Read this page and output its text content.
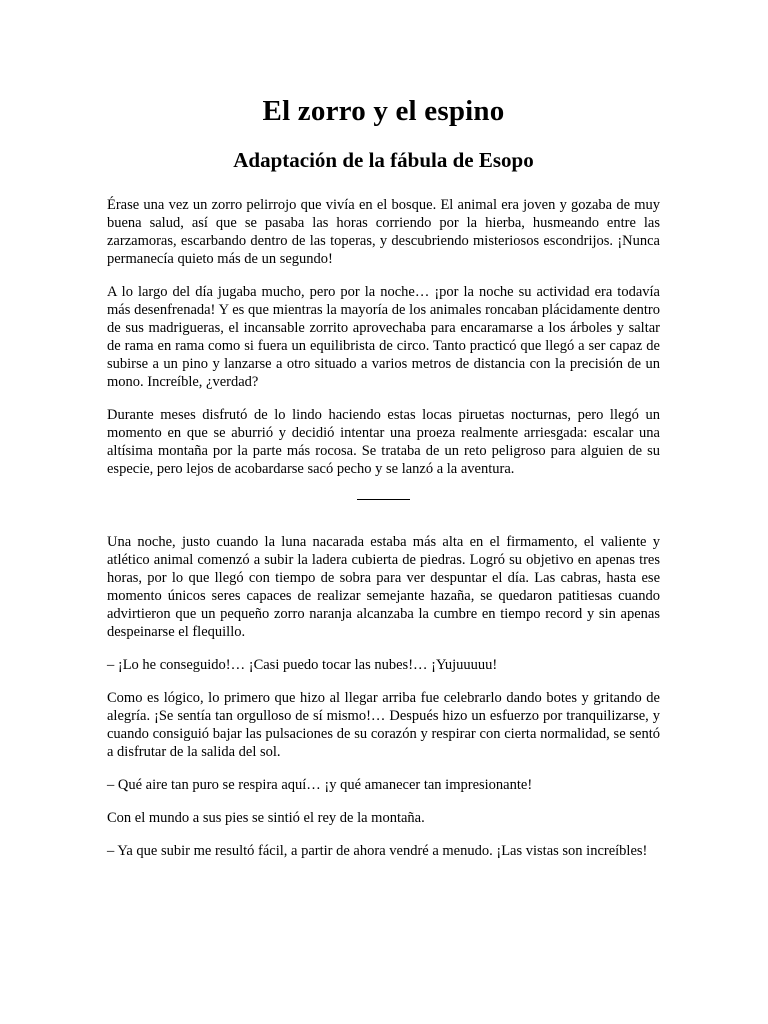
El zorro y el espino
Adaptación de la fábula de Esopo

Érase una vez un zorro pelirrojo que vivía en el bosque. El animal era joven y gozaba de muy buena salud, así que se pasaba las horas corriendo por la hierba, husmeando entre las zarzamoras, escarbando dentro de las toperas, y descubriendo misteriosos escondrijos. ¡Nunca permanecía quieto más de un segundo!

A lo largo del día jugaba mucho, pero por la noche… ¡por la noche su actividad era todavía más desenfrenada! Y es que mientras la mayoría de los animales roncaban plácidamente dentro de sus madrigueras, el incansable zorrito aprovechaba para encaramarse a los árboles y saltar de rama en rama como si fuera un equilibrista de circo. Tanto practicó que llegó a ser capaz de subirse a un pino y lanzarse a otro situado a varios metros de distancia con la precisión de un mono. Increíble, ¿verdad?

Durante meses disfrutó de lo lindo haciendo estas locas piruetas nocturnas, pero llegó un momento en que se aburrió y decidió intentar una proeza realmente arriesgada: escalar una altísima montaña por la parte más rocosa. Se trataba de un reto peligroso para alguien de su especie, pero lejos de acobardarse sacó pecho y se lanzó a la aventura.

Una noche, justo cuando la luna nacarada estaba más alta en el firmamento, el valiente y atlético animal comenzó a subir la ladera cubierta de piedras. Logró su objetivo en apenas tres horas, por lo que llegó con tiempo de sobra para ver despuntar el día. Las cabras, hasta ese momento únicos seres capaces de realizar semejante hazaña, se quedaron patitiesas cuando advirtieron que un pequeño zorro naranja alcanzaba la cumbre en tiempo record y sin apenas despeinarse el flequillo.

– ¡Lo he conseguido!… ¡Casi puedo tocar las nubes!… ¡Yujuuuuu!

Como es lógico, lo primero que hizo al llegar arriba fue celebrarlo dando botes y gritando de alegría. ¡Se sentía tan orgulloso de sí mismo!… Después hizo un esfuerzo por tranquilizarse, y cuando consiguió bajar las pulsaciones de su corazón y respirar con cierta normalidad, se sentó a disfrutar de la salida del sol.

– Qué aire tan puro se respira aquí… ¡y qué amanecer tan impresionante!

Con el mundo a sus pies se sintió el rey de la montaña.

– Ya que subir me resultó fácil, a partir de ahora vendré a menudo. ¡Las vistas son increíbles!
